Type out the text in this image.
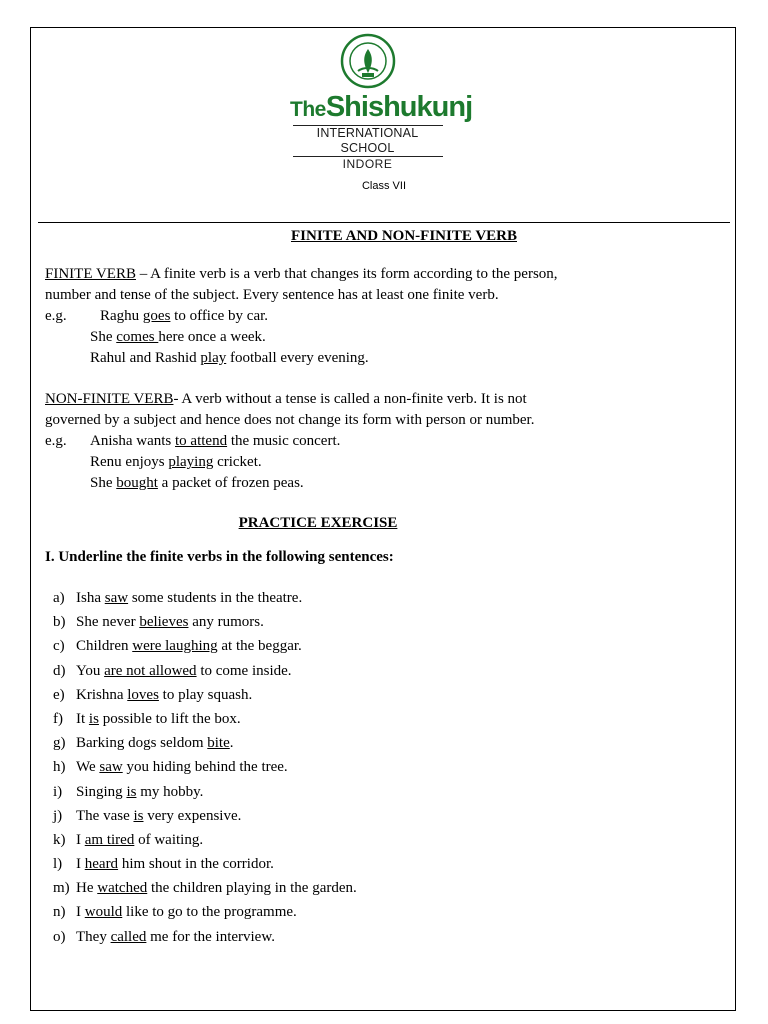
TheShishukunj
INTERNATIONAL SCHOOL
INDORE
Class VII
FINITE AND NON-FINITE VERB
FINITE VERB – A finite verb is a verb that changes its form according to the person,
number and tense of the subject. Every sentence has at least one finite verb.
e.g. Raghu goes to office by car.
She comes here once a week.
Rahul and Rashid play football every evening.
NON-FINITE VERB- A verb without a tense is called a non-finite verb. It is not
governed by a subject and hence does not change its form with person or number.
e.g. Anisha wants to attend the music concert.
Renu enjoys playing cricket.
She bought a packet of frozen peas.
PRACTICE EXERCISE
I. Underline the finite verbs in the following sentences:
a) Isha saw some students in the theatre.
b) She never believes any rumors.
c) Children were laughing at the beggar.
d) You are not allowed to come inside.
e) Krishna loves to play squash.
f) It is possible to lift the box.
g) Barking dogs seldom bite.
h) We saw you hiding behind the tree.
i) Singing is my hobby.
j) The vase is very expensive.
k) I am tired of waiting.
l) I heard him shout in the corridor.
m) He watched the children playing in the garden.
n) I would like to go to the programme.
o) They called me for the interview.
